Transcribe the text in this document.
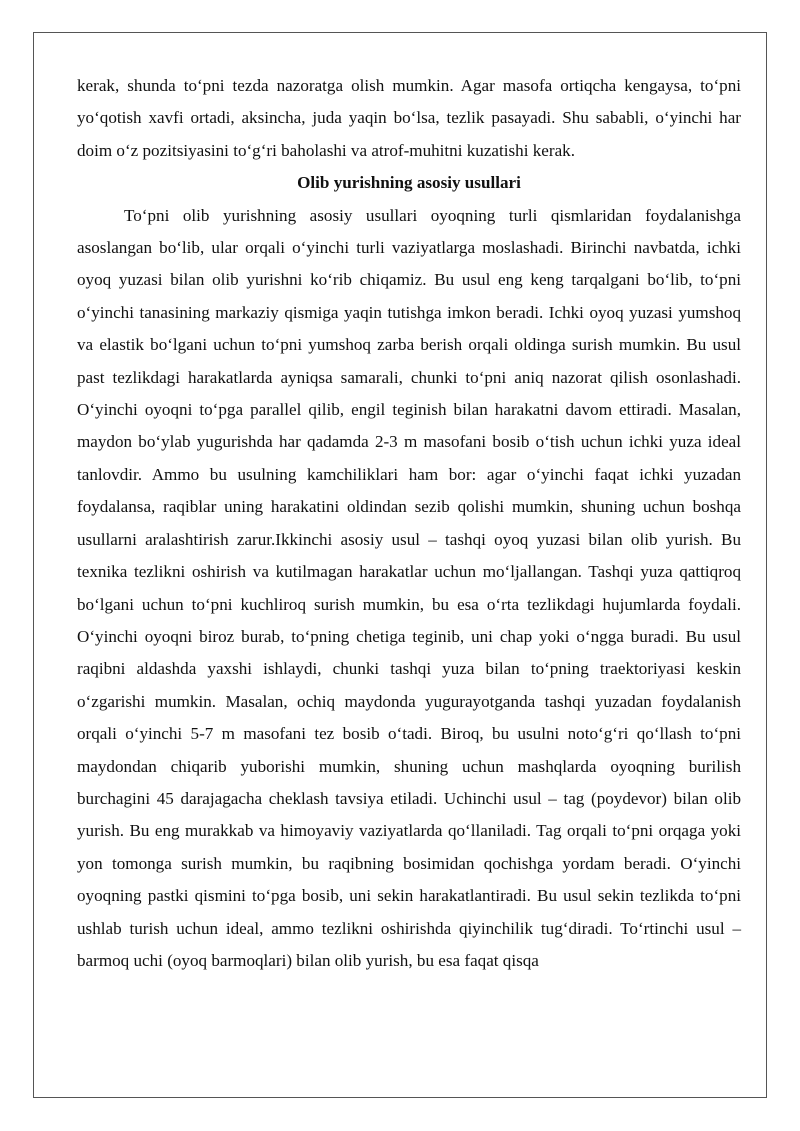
kerak, shunda to‘pni tezda nazoratga olish mumkin. Agar masofa ortiqcha kengaysa, to‘pni yo‘qotish xavfi ortadi, aksincha, juda yaqin bo‘lsa, tezlik pasayadi. Shu sababli, o‘yinchi har doim o‘z pozitsiyasini to‘g‘ri baholashi va atrof-muhitni kuzatishi kerak.

Olib yurishning asosiy usullari

To‘pni olib yurishning asosiy usullari oyoqning turli qismlaridan foydalanishga asoslangan bo‘lib, ular orqali o‘yinchi turli vaziyatlarga moslashadi. Birinchi navbatda, ichki oyoq yuzasi bilan olib yurishni ko‘rib chiqamiz. Bu usul eng keng tarqalgani bo‘lib, to‘pni o‘yinchi tanasining markaziy qismiga yaqin tutishga imkon beradi. Ichki oyoq yuzasi yumshoq va elastik bo‘lgani uchun to‘pni yumshoq zarba berish orqali oldinga surish mumkin. Bu usul past tezlikdagi harakatlarda ayniqsa samarali, chunki to‘pni aniq nazorat qilish osonlashadi. O‘yinchi oyoqni to‘pga parallel qilib, engil teginish bilan harakatni davom ettiradi. Masalan, maydon bo‘ylab yugurishda har qadamda 2-3 m masofani bosib o‘tish uchun ichki yuza ideal tanlovdir. Ammo bu usulning kamchiliklari ham bor: agar o‘yinchi faqat ichki yuzadan foydalansa, raqiblar uning harakatini oldindan sezib qolishi mumkin, shuning uchun boshqa usullarni aralashtirish zarur.Ikkinchi asosiy usul – tashqi oyoq yuzasi bilan olib yurish. Bu texnika tezlikni oshirish va kutilmagan harakatlar uchun mo‘ljallangan. Tashqi yuza qattiqroq bo‘lgani uchun to‘pni kuchliroq surish mumkin, bu esa o‘rta tezlikdagi hujumlarda foydali. O‘yinchi oyoqni biroz burab, to‘pning chetiga teginib, uni chap yoki o‘ngga buradi. Bu usul raqibni aldashda yaxshi ishlaydi, chunki tashqi yuza bilan to‘pning traektoriyasi keskin o‘zgarishi mumkin. Masalan, ochiq maydonda yugurayotganda tashqi yuzadan foydalanish orqali o‘yinchi 5-7 m masofani tez bosib o‘tadi. Biroq, bu usulni noto‘g‘ri qo‘llash to‘pni maydondan chiqarib yuborishi mumkin, shuning uchun mashqlarda oyoqning burilish burchagini 45 darajagacha cheklash tavsiya etiladi. Uchinchi usul – tag (poydevor) bilan olib yurish. Bu eng murakkab va himoyaviy vaziyatlarda qo‘llaniladi. Tag orqali to‘pni orqaga yoki yon tomonga surish mumkin, bu raqibning bosimidan qochishga yordam beradi. O‘yinchi oyoqning pastki qismini to‘pga bosib, uni sekin harakatlantiradi. Bu usul sekin tezlikda to‘pni ushlab turish uchun ideal, ammo tezlikni oshirishda qiyinchilik tug‘diradi. To‘rtinchi usul – barmoq uchi (oyoq barmoqlari) bilan olib yurish, bu esa faqat qisqa
